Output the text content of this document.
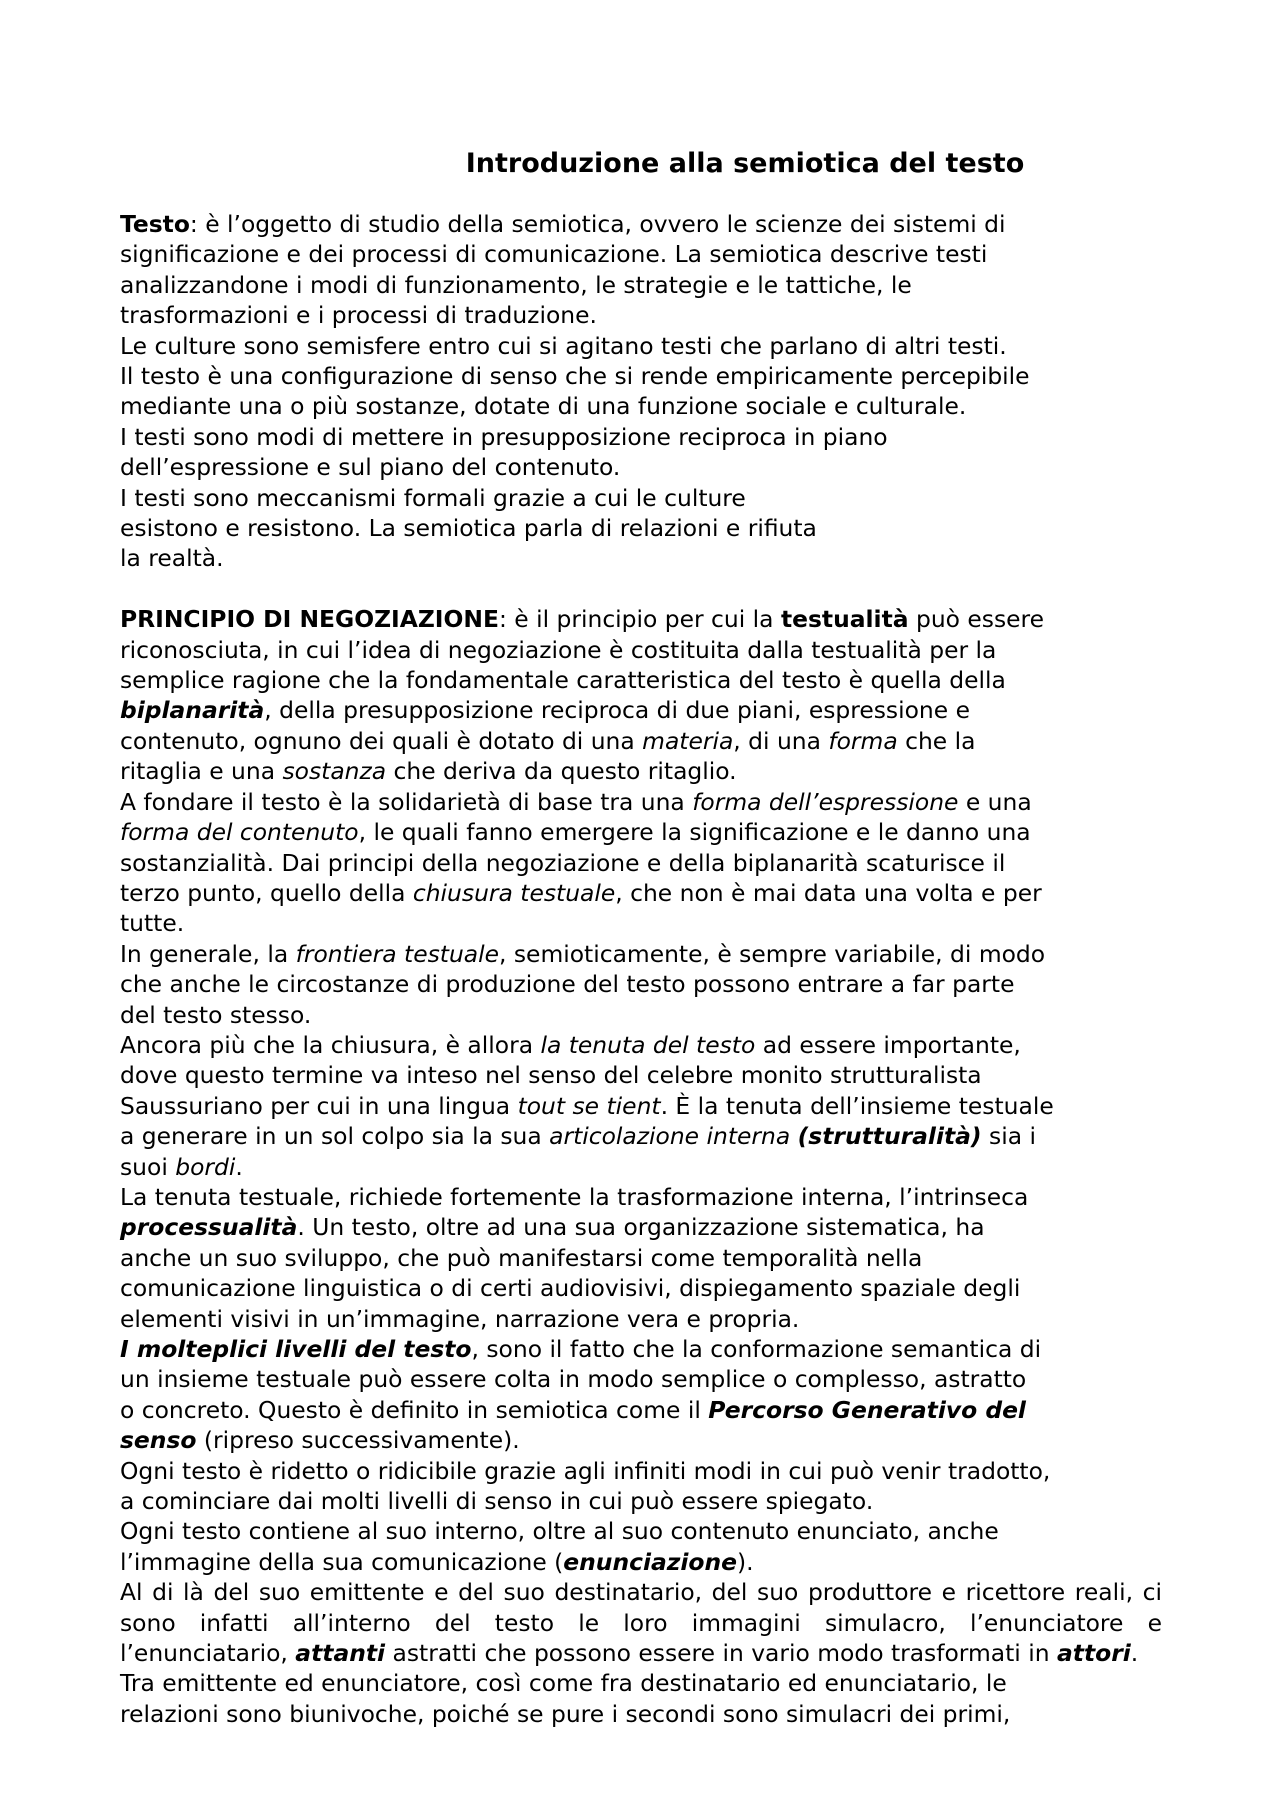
Introduzione alla semiotica del testo

Testo: è l’oggetto di studio della semiotica, ovvero le scienze dei sistemi di

significazione e dei processi di comunicazione. La semiotica descrive testi

analizzandone i modi di funzionamento, le strategie e le tattiche, le

trasformazioni e i processi di traduzione.

Le culture sono semisfere entro cui si agitano testi che parlano di altri testi.

Il testo è una configurazione di senso che si rende empiricamente percepibile

mediante una o più sostanze, dotate di una funzione sociale e culturale.

I testi sono modi di mettere in presupposizione reciproca in piano

dell’espressione e sul piano del contenuto.

I testi sono meccanismi formali grazie a cui le culture

esistono e resistono. La semiotica parla di relazioni e rifiuta

la realtà.

PRINCIPIO DI NEGOZIAZIONE: è il principio per cui la testualità può essere

riconosciuta, in cui l’idea di negoziazione è costituita dalla testualità per la

semplice ragione che la fondamentale caratteristica del testo è quella della

biplanarità, della presupposizione reciproca di due piani, espressione e

contenuto, ognuno dei quali è dotato di una materia, di una forma che la

ritaglia e una sostanza che deriva da questo ritaglio.

A fondare il testo è la solidarietà di base tra una forma dell’espressione e una

forma del contenuto, le quali fanno emergere la significazione e le danno una

sostanzialità. Dai principi della negoziazione e della biplanarità scaturisce il

terzo punto, quello della chiusura testuale, che non è mai data una volta e per

tutte.

In generale, la frontiera testuale, semioticamente, è sempre variabile, di modo

che anche le circostanze di produzione del testo possono entrare a far parte

del testo stesso.

Ancora più che la chiusura, è allora la tenuta del testo ad essere importante,

dove questo termine va inteso nel senso del celebre monito strutturalista

Saussuriano per cui in una lingua tout se tient. È la tenuta dell’insieme testuale

a generare in un sol colpo sia la sua articolazione interna (strutturalità) sia i

suoi bordi.

La tenuta testuale, richiede fortemente la trasformazione interna, l’intrinseca

processualità. Un testo, oltre ad una sua organizzazione sistematica, ha

anche un suo sviluppo, che può manifestarsi come temporalità nella

comunicazione linguistica o di certi audiovisivi, dispiegamento spaziale degli

elementi visivi in un’immagine, narrazione vera e propria.

I molteplici livelli del testo, sono il fatto che la conformazione semantica di

un insieme testuale può essere colta in modo semplice o complesso, astratto

o concreto. Questo è definito in semiotica come il Percorso Generativo del

senso (ripreso successivamente).

Ogni testo è ridetto o ridicibile grazie agli infiniti modi in cui può venir tradotto,

a cominciare dai molti livelli di senso in cui può essere spiegato.

Ogni testo contiene al suo interno, oltre al suo contenuto enunciato, anche

l’immagine della sua comunicazione (enunciazione).

Al di là del suo emittente e del suo destinatario, del suo produttore e ricettore reali, ci sono infatti all’interno del testo le loro immagini simulacro, l’enunciatore e l’enunciatario, attanti astratti che possono essere in vario modo trasformati in attori.

Tra emittente ed enunciatore, così come fra destinatario ed enunciatario, le

relazioni sono biunivoche, poiché se pure i secondi sono simulacri dei primi,
